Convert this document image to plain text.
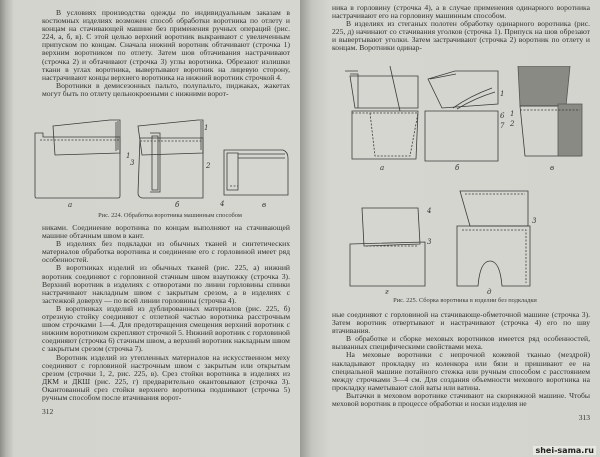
В условиях производства одежды по индивидуальным заказам в костюмных изделиях возможен способ обработки воротника по отлету и концам на стачивающей машине без применения ручных операций (рис. 224, а, б, в). С этой целью верхний воротник выкраивают с увеличенным припуском по концам. Сначала нижний воротник обтачивают (строчка 1) верхним воротником по отлету. Затем шов обтачивания настрачивают (строчка 2) и обтачивают (строчка 3) углы воротника. Обрезают излишки ткани в углах воротника, вывертывают воротник на лицевую сторону, настрачивают концы верхнего воротника на нижний воротник строчкой 4.

Воротники в демисезонных пальто, полупальто, пиджаках, жакетах могут быть по отлету цельнокроеными с нижними ворот-

а
1
б
1
2
3
в
4
Рис. 224. Обработка воротника машинным способом

никами. Соединение воротника по концам выполняют на стачивающей машине обтачным швом в кант.

В изделиях без подкладки из обычных тканей и синтетических материалов обработка воротника и соединение его с горловиной имеет ряд особенностей.

В воротниках изделий из обычных тканей (рис. 225, а) нижний воротник соединяют с горловиной стачным швом взаутюжку (строчка 3). Верхний воротник в изделиях с отворотами по линии горловины спинки настрачивают накладным швом с закрытым срезом, а в изделиях с застежкой доверху — по всей линии горловины (строчка 4).

В воротниках изделий из дублированных материалов (рис. 225, б) отрезную стойку соединяют с отлетной частью воротника расстрочным швом строчками 1—4. Для предотвращения смещения верхний воротник с нижним воротником скрепляют строчкой 5. Нижний воротник с горловиной соединяют (строчка 6) стачным швом, а верхний воротник накладным швом с закрытым срезом (строчка 7).

Воротник изделий из утепленных материалов на искусственном меху соединяют с горловиной настрочным швом с закрытым или открытым срезом (строчки 1, 2, рис. 225, в). Срез стойки воротника в изделиях из ДКМ и ДКШ (рис. 225, г) предварительно окантовывают (строчка 3). Окантованный срез стойки верхнего воротника подшивают (строчка 5) ручным способом после втачивания ворот-

312

ника в горловину (строчка 4), а в случае применения одинарного воротника настрачивают его на горловину машинным способом.

В изделиях из стеганых полотен обработку одинарного воротника (рис. 225, д) начинают со стачивания уголков (строчка 1). Припуск на шов обрезают и вывертывают уголки. Затем застрачивают (строчка 2) воротник по отлету и концам. Воротники одинар-

а	б
1
6
7
в
1
2
г
4
3
д
3
Рис. 225. Сборка воротника в изделии без подкладки

ные соединяют с горловиной на стачивающе-обметочной машине (строчка 3). Затем воротник отвертывают и настрачивают (строчка 4) его по шву втачивания.

В обработке и сборке меховых воротников имеется ряд особенностей, вызванных специфическими свойствами меха.

На меховые воротники с непрочной кожевой тканью (мездрой) накладывают прокладку из коленкора или бязи и пришивают ее на специальной машине потайного стежка или ручным способом с расстоянием между строчками 3—4 см. Для создания объемности мехового воротника на прокладку наметывают слой ваты или ватина.

Вытачки в меховом воротнике стачивают на скорняжной машине. Чтобы меховой воротник в процессе обработки и носки изделия не

313
shei-sama.ru
